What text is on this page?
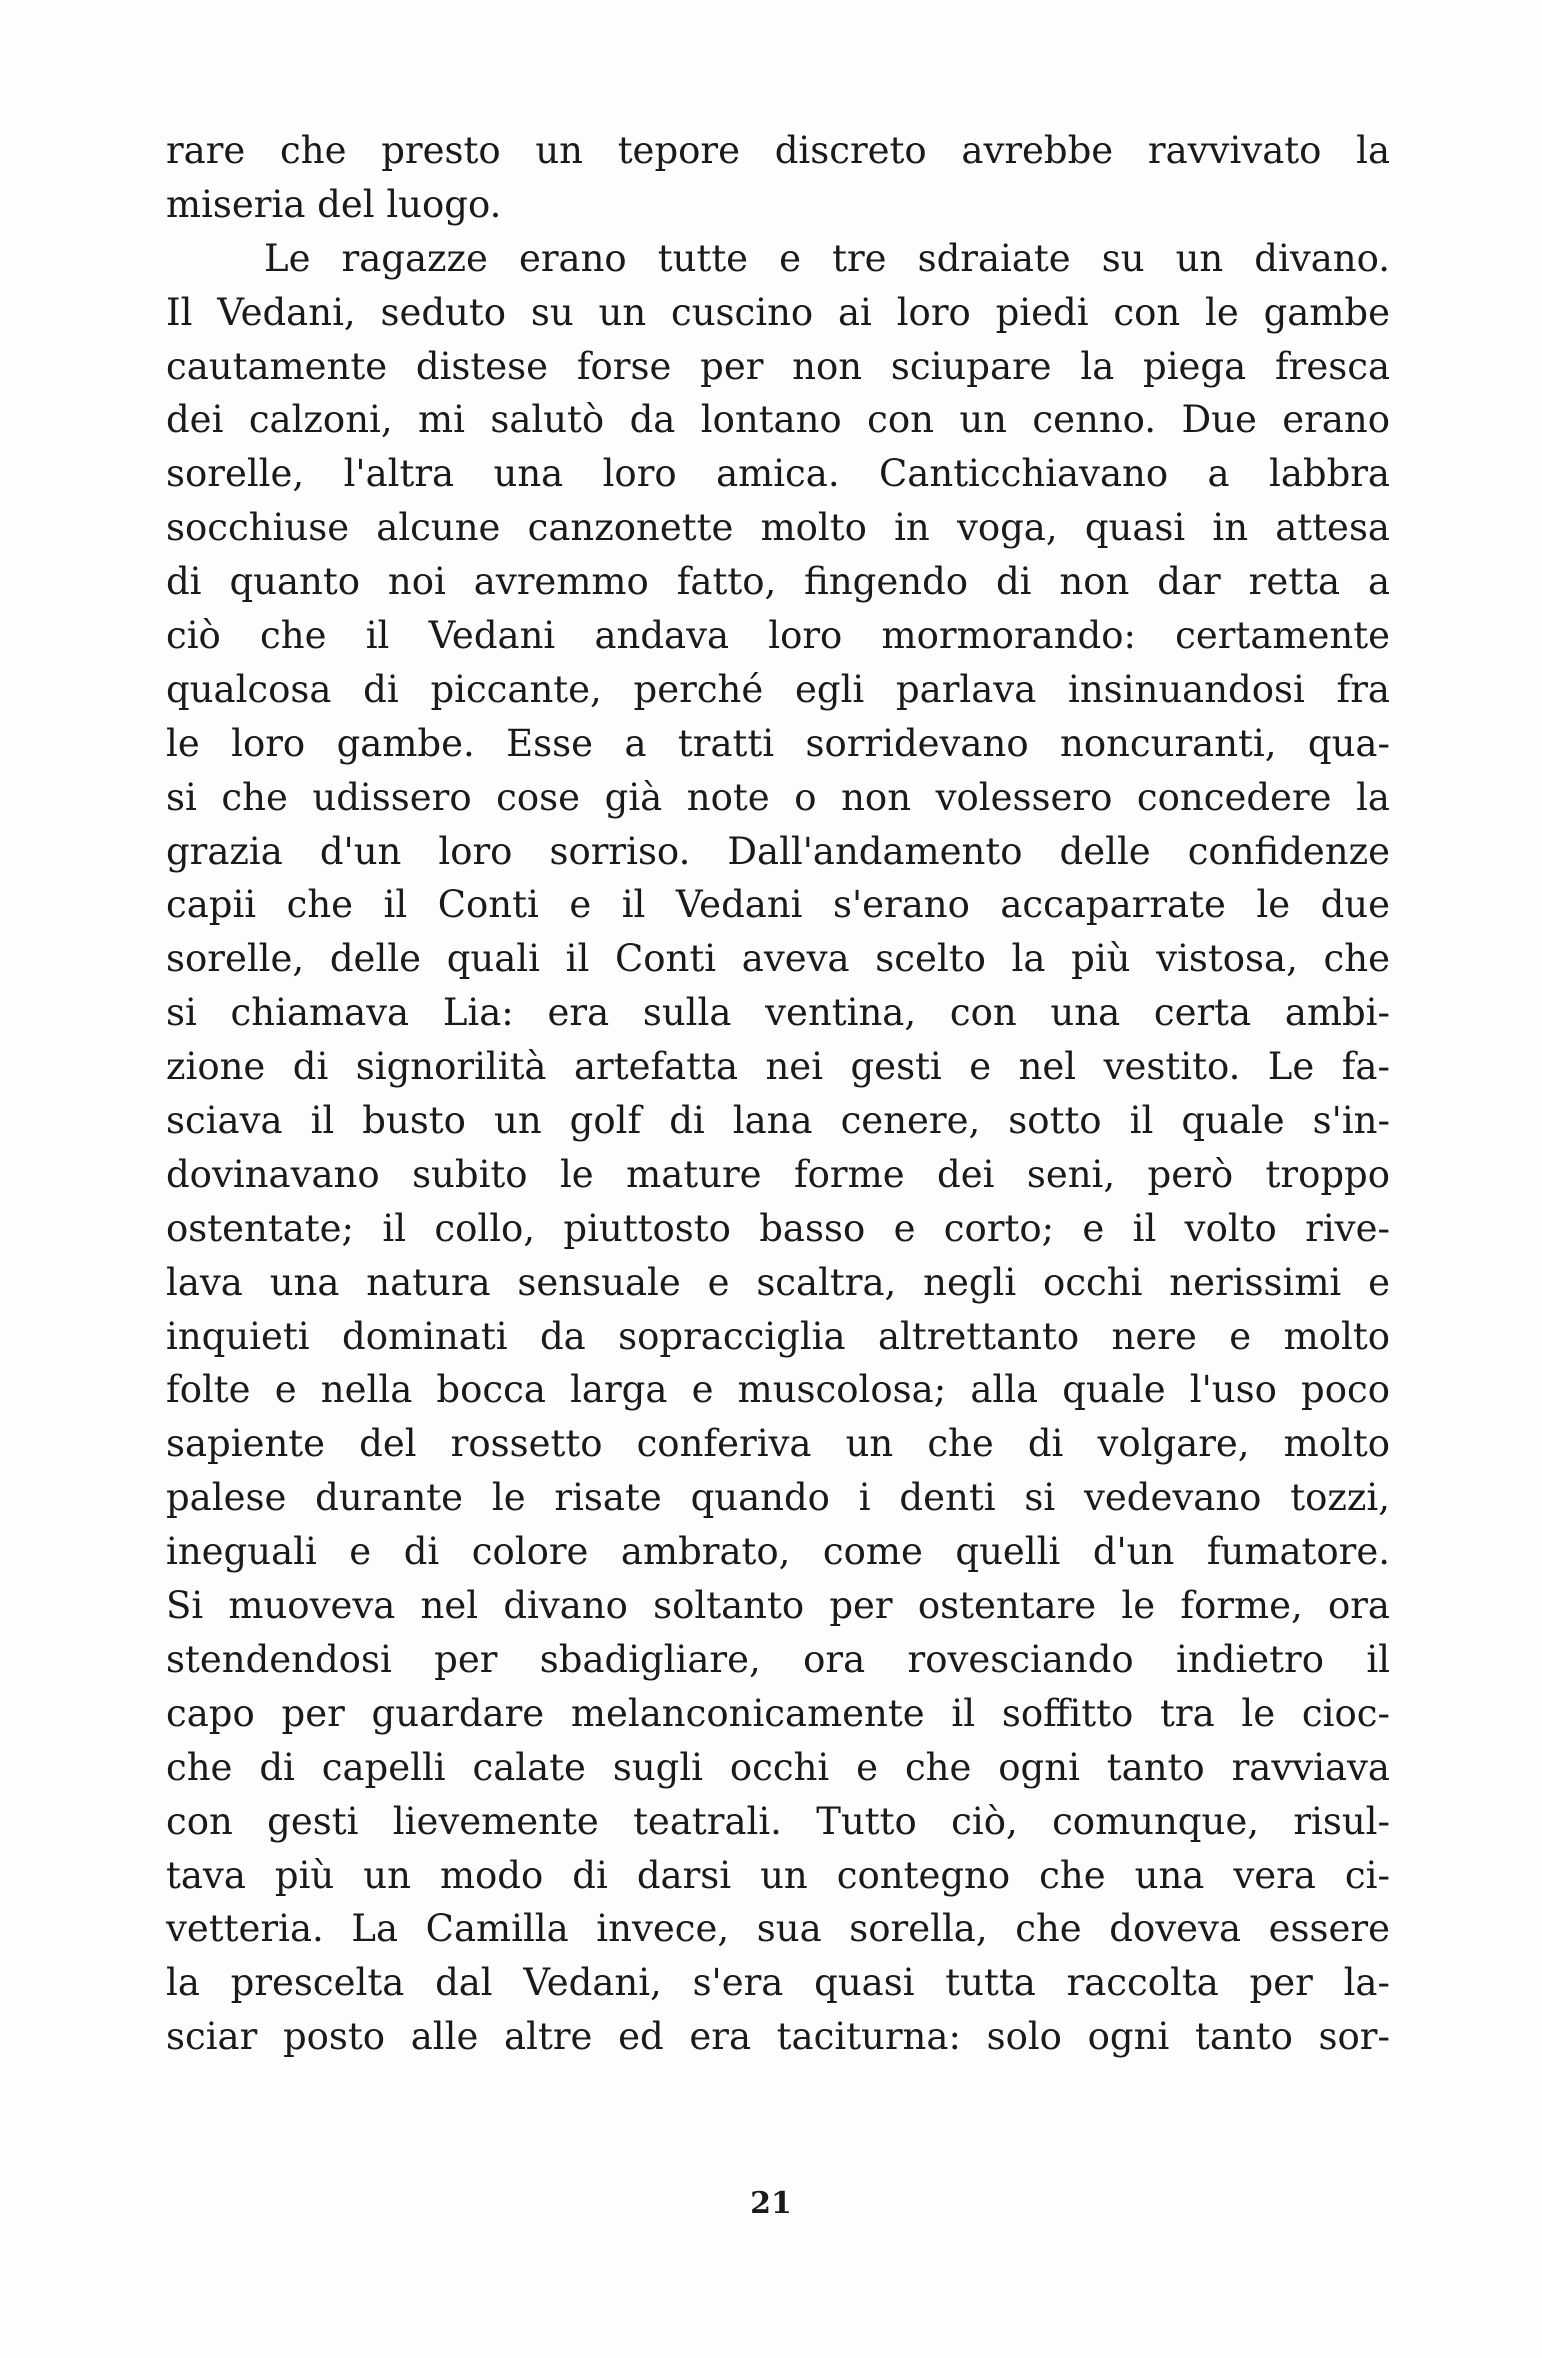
rare che presto un tepore discreto avrebbe ravvivato la
miseria del luogo.
Le ragazze erano tutte e tre sdraiate su un divano.
Il Vedani, seduto su un cuscino ai loro piedi con le gambe
cautamente distese forse per non sciupare la piega fresca
dei calzoni, mi salutò da lontano con un cenno. Due erano
sorelle, l'altra una loro amica. Canticchiavano a labbra
socchiuse alcune canzonette molto in voga, quasi in attesa
di quanto noi avremmo fatto, fingendo di non dar retta a
ciò che il Vedani andava loro mormorando: certamente
qualcosa di piccante, perché egli parlava insinuandosi fra
le loro gambe. Esse a tratti sorridevano noncuranti, qua-
si che udissero cose già note o non volessero concedere la
grazia d'un loro sorriso. Dall'andamento delle confidenze
capii che il Conti e il Vedani s'erano accaparrate le due
sorelle, delle quali il Conti aveva scelto la più vistosa, che
si chiamava Lia: era sulla ventina, con una certa ambi-
zione di signorilità artefatta nei gesti e nel vestito. Le fa-
sciava il busto un golf di lana cenere, sotto il quale s'in-
dovinavano subito le mature forme dei seni, però troppo
ostentate; il collo, piuttosto basso e corto; e il volto rive-
lava una natura sensuale e scaltra, negli occhi nerissimi e
inquieti dominati da sopracciglia altrettanto nere e molto
folte e nella bocca larga e muscolosa; alla quale l'uso poco
sapiente del rossetto conferiva un che di volgare, molto
palese durante le risate quando i denti si vedevano tozzi,
ineguali e di colore ambrato, come quelli d'un fumatore.
Si muoveva nel divano soltanto per ostentare le forme, ora
stendendosi per sbadigliare, ora rovesciando indietro il
capo per guardare melanconicamente il soffitto tra le cioc-
che di capelli calate sugli occhi e che ogni tanto ravviava
con gesti lievemente teatrali. Tutto ciò, comunque, risul-
tava più un modo di darsi un contegno che una vera ci-
vetteria. La Camilla invece, sua sorella, che doveva essere
la prescelta dal Vedani, s'era quasi tutta raccolta per la-
sciar posto alle altre ed era taciturna: solo ogni tanto sor-
21
